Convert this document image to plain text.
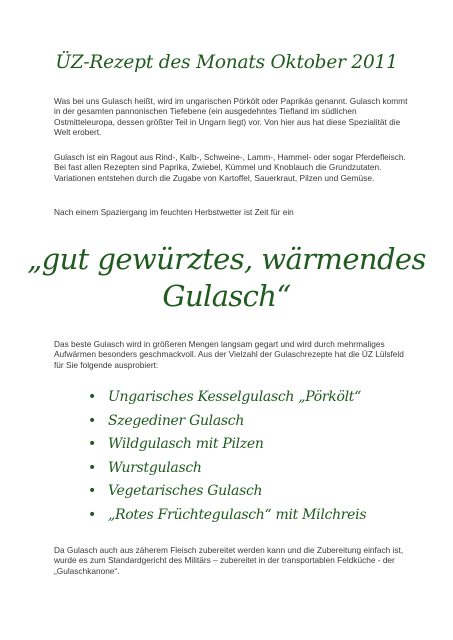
ÜZ-Rezept des Monats Oktober 2011

Was bei uns Gulasch heißt, wird im ungarischen Pörkölt oder Paprikás genannt. Gulasch kommt in der gesamten pannonischen Tiefebene (ein ausgedehntes Tiefland im südlichen Ostmitteleuropa, dessen größter Teil in Ungarn liegt) vor. Von hier aus hat diese Spezialität die Welt erobert.

Gulasch ist ein Ragout aus Rind-, Kalb-, Schweine-, Lamm-, Hammel- oder sogar Pferdefleisch. Bei fast allen Rezepten sind Paprika, Zwiebel, Kümmel und Knoblauch die Grundzutaten. Variationen entstehen durch die Zugabe von Kartoffel, Sauerkraut, Pilzen und Gemüse.

Nach einem Spaziergang im feuchten Herbstwetter ist Zeit für ein

„gut gewürztes, wärmendes
Gulasch“

Das beste Gulasch wird in größeren Mengen langsam gegart und wird durch mehrmaliges Aufwärmen besonders geschmackvoll. Aus der Vielzahl der Gulaschrezepte hat die ÜZ Lülsfeld für Sie folgende ausprobiert:

• Ungarisches Kesselgulasch „Pörkölt“
• Szegediner Gulasch
• Wildgulasch mit Pilzen
• Wurstgulasch
• Vegetarisches Gulasch
• „Rotes Früchtegulasch“ mit Milchreis

Da Gulasch auch aus zäherem Fleisch zubereitet werden kann und die Zubereitung einfach ist, wurde es zum Standardgericht des Militärs – zubereitet in der transportablen Feldküche - der „Gulaschkanone“.
